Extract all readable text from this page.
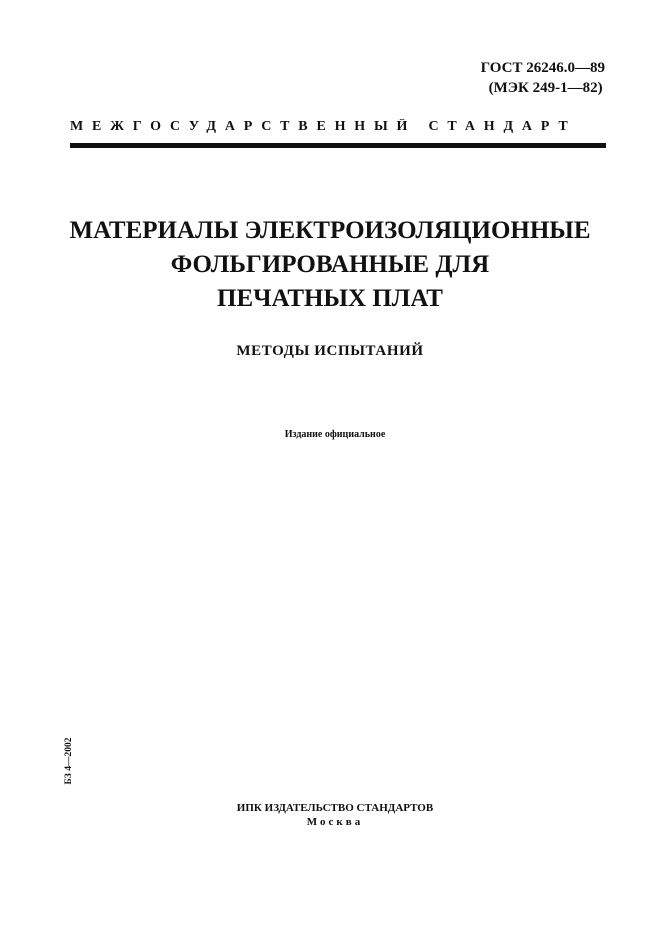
ГОСТ 26246.0—89
(МЭК 249-1—82)
МЕЖГОСУДАРСТВЕННЫЙ СТАНДАРТ
МАТЕРИАЛЫ ЭЛЕКТРОИЗОЛЯЦИОННЫЕ
ФОЛЬГИРОВАННЫЕ ДЛЯ
ПЕЧАТНЫХ ПЛАТ
МЕТОДЫ ИСПЫТАНИЙ
Издание официальное
БЗ 4—2002
ИПК ИЗДАТЕЛЬСТВО СТАНДАРТОВ
Москва
